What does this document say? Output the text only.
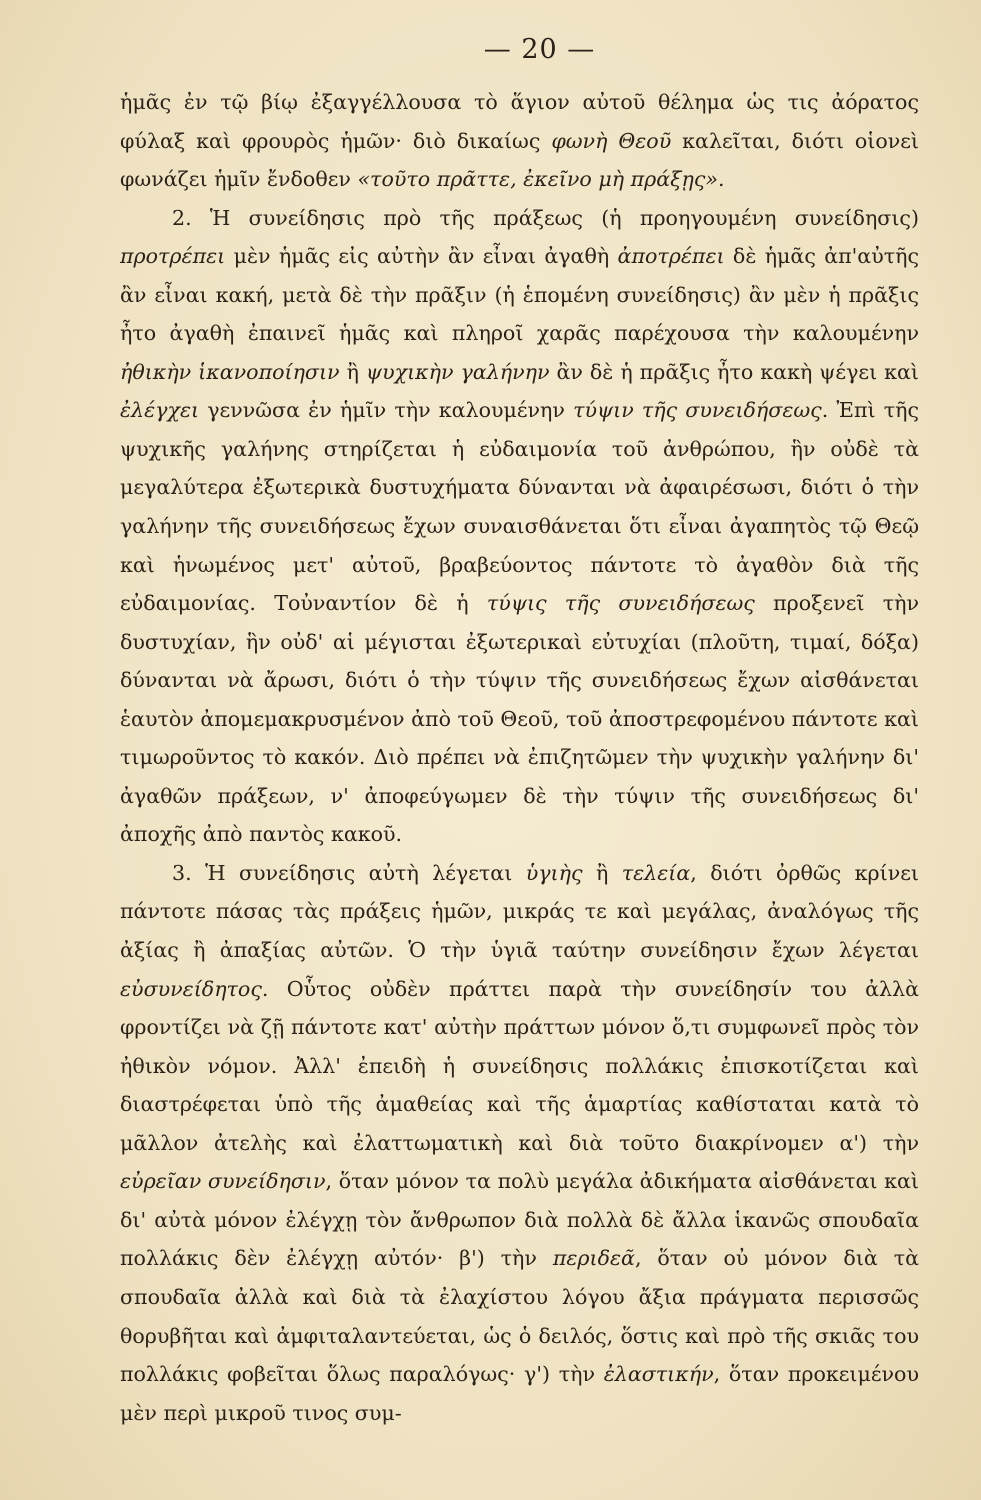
— 20 —

ἡμᾶς ἐν τῷ βίῳ ἐξαγγέλλουσα τὸ ἅγιον αὐτοῦ θέλημα ὡς τις ἀόρατος φύλαξ καὶ φρουρὸς ἡμῶν· διὸ δικαίως φωνὴ Θεοῦ καλεῖται, διότι οἱονεὶ φωνάζει ἡμῖν ἔνδοθεν «τοῦτο πρᾶττε, ἐκεῖνο μὴ πράξῃς».

2. Ἡ συνείδησις πρὸ τῆς πράξεως (ἡ προηγουμένη συνείδησις) προτρέπει μὲν ἡμᾶς εἰς αὐτὴν ἂν εἶναι ἀγαθὴ ἀποτρέπει δὲ ἡμᾶς ἀπ'αὐτῆς ἂν εἶναι κακή, μετὰ δὲ τὴν πρᾶξιν (ἡ ἑπομένη συνείδησις) ἂν μὲν ἡ πρᾶξις ἦτο ἀγαθὴ ἐπαινεῖ ἡμᾶς καὶ πληροῖ χαρᾶς παρέχουσα τὴν καλουμένην ἠθικὴν ἱκανοποίησιν ἢ ψυχικὴν γαλήνην ἂν δὲ ἡ πρᾶξις ἦτο κακὴ ψέγει καὶ ἐλέγχει γεννῶσα ἐν ἡμῖν τὴν καλουμένην τύψιν τῆς συνειδήσεως. Ἐπὶ τῆς ψυχικῆς γαλήνης στηρίζεται ἡ εὐδαιμονία τοῦ ἀνθρώπου, ἣν οὐδὲ τὰ μεγαλύτερα ἐξωτερικὰ δυστυχήματα δύνανται νὰ ἀφαιρέσωσι, διότι ὁ τὴν γαλήνην τῆς συνειδήσεως ἔχων συναισθάνεται ὅτι εἶναι ἀγαπητὸς τῷ Θεῷ καὶ ἡνωμένος μετ' αὐτοῦ, βραβεύοντος πάντοτε τὸ ἀγαθὸν διὰ τῆς εὐδαιμονίας. Τοὐναντίον δὲ ἡ τύψις τῆς συνειδήσεως προξενεῖ τὴν δυστυχίαν, ἣν οὐδ' αἱ μέγισται ἐξωτερικαὶ εὐτυχίαι (πλοῦτη, τιμαί, δόξα) δύνανται νὰ ἄρωσι, διότι ὁ τὴν τύψιν τῆς συνειδήσεως ἔχων αἰσθάνεται ἑαυτὸν ἀπομεμακρυσμένον ἀπὸ τοῦ Θεοῦ, τοῦ ἀποστρεφομένου πάντοτε καὶ τιμωροῦντος τὸ κακόν. Διὸ πρέπει νὰ ἐπιζητῶμεν τὴν ψυχικὴν γαλήνην δι' ἀγαθῶν πράξεων, ν' ἀποφεύγωμεν δὲ τὴν τύψιν τῆς συνειδήσεως δι' ἀποχῆς ἀπὸ παντὸς κακοῦ.

3. Ἡ συνείδησις αὐτὴ λέγεται ὑγιὴς ἢ τελεία, διότι ὀρθῶς κρίνει πάντοτε πάσας τὰς πράξεις ἡμῶν, μικράς τε καὶ μεγάλας, ἀναλόγως τῆς ἀξίας ἢ ἀπαξίας αὐτῶν. Ὁ τὴν ὑγιᾶ ταύτην συνείδησιν ἔχων λέγεται εὐσυνείδητος. Οὗτος οὐδὲν πράττει παρὰ τὴν συνείδησίν του ἀλλὰ φροντίζει νὰ ζῇ πάντοτε κατ' αὐτὴν πράττων μόνον ὅ,τι συμφωνεῖ πρὸς τὸν ἠθικὸν νόμον. Ἀλλ' ἐπειδὴ ἡ συνείδησις πολλάκις ἐπισκοτίζεται καὶ διαστρέφεται ὑπὸ τῆς ἀμαθείας καὶ τῆς ἁμαρτίας καθίσταται κατὰ τὸ μᾶλλον ἀτελὴς καὶ ἐλαττωματικὴ καὶ διὰ τοῦτο διακρίνομεν α') τὴν εὐρεῖαν συνείδησιν, ὅταν μόνον τα πολὺ μεγάλα ἀδικήματα αἰσθάνεται καὶ δι' αὐτὰ μόνον ἐλέγχῃ τὸν ἄνθρωπον διὰ πολλὰ δὲ ἄλλα ἱκανῶς σπουδαῖα πολλάκις δὲν ἐλέγχῃ αὐτόν· β') τὴν περιδεᾶ, ὅταν οὐ μόνον διὰ τὰ σπουδαῖα ἀλλὰ καὶ διὰ τὰ ἐλαχίστου λόγου ἄξια πράγματα περισσῶς θορυβῆται καὶ ἀμφιταλαντεύεται, ὡς ὁ δειλός, ὅστις καὶ πρὸ τῆς σκιᾶς του πολλάκις φοβεῖται ὅλως παραλόγως· γ') τὴν ἐλαστικήν, ὅταν προκειμένου μὲν περὶ μικροῦ τινος συμ-
